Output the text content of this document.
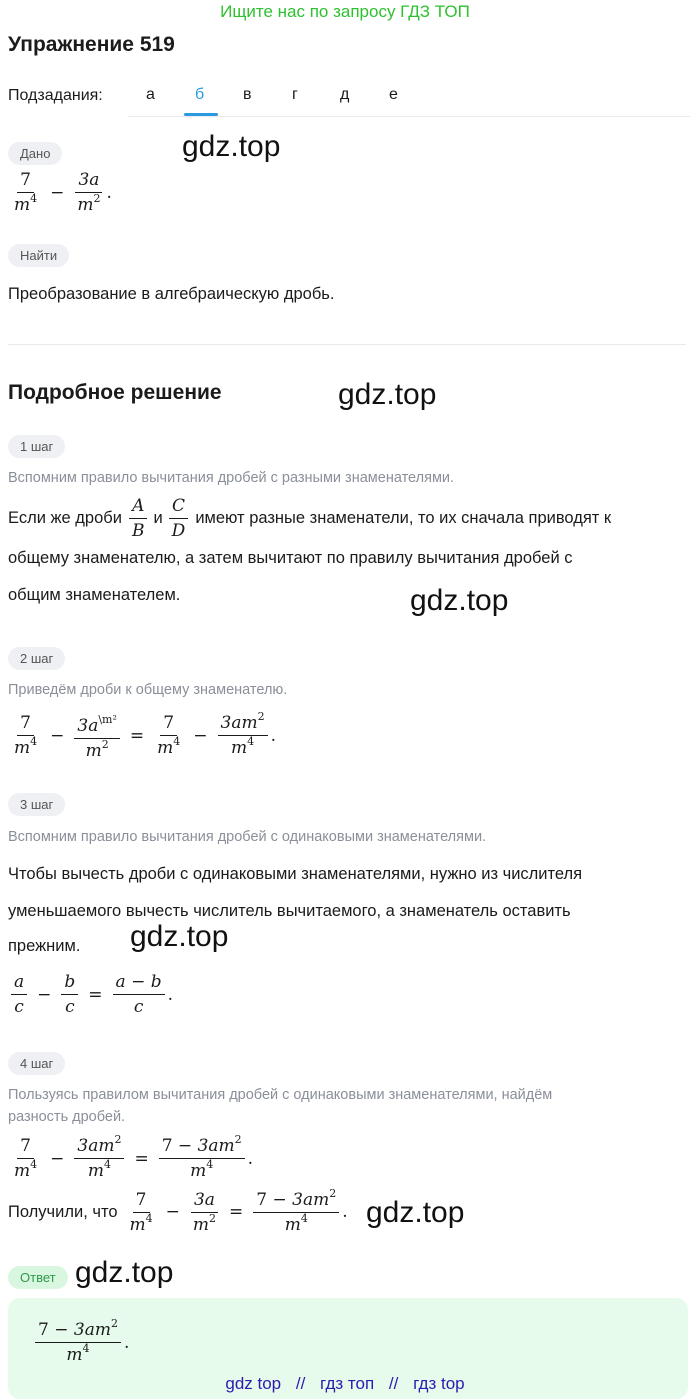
Ищите нас по запросу ГДЗ ТОП
Упражнение 519
Подзадания:	а	б в	г	д е
Дано	gdz.top
$\frac{7}{m^4} - \frac{3a}{m^2}$ .
Найти
Преобразование в алгебраическую дробь.
Подробное решение	gdz.top
1 шаг
Вспомним правило вычитания дробей с разными знаменателями.
Если же дроби $\frac{A}{B}$ и $\frac{C}{D}$ имеют разные знаменатели, то их сначала приводят к
общему знаменателю, а затем вычитают по правилу вычитания дробей с
общим знаменателем.	gdz.top
2 шаг
Приведём дроби к общему знаменателю.
$\frac{7}{m^4} - \frac{3a^{\backslash m^2}}{m^2} = \frac{7}{m^4} - \frac{3am^2}{m^4}$ .
3 шаг
Вспомним правило вычитания дробей с одинаковыми знаменателями.
Чтобы вычесть дроби с одинаковыми знаменателями, нужно из числителя
уменьшаемого вычесть числитель вычитаемого, а знаменатель оставить
прежним. gdz.top
$\frac{a}{c} - \frac{b}{c} = \frac{a - b}{c}$ .
4 шаг
Пользуясь правилом вычитания дробей с одинаковыми знаменателями, найдём
разность дробей.
$\frac{7}{m^4} - \frac{3am^2}{m^4} = \frac{7 - 3am^2}{m^4}$ .
Получили, что $\frac{7}{m^4} - \frac{3a}{m^2} = \frac{7 - 3am^2}{m^4}$ . gdz.top
Ответ gdz.top
$\frac{7 - 3am^2}{m^4}$ .
gdz top // гдз топ // гдз top
